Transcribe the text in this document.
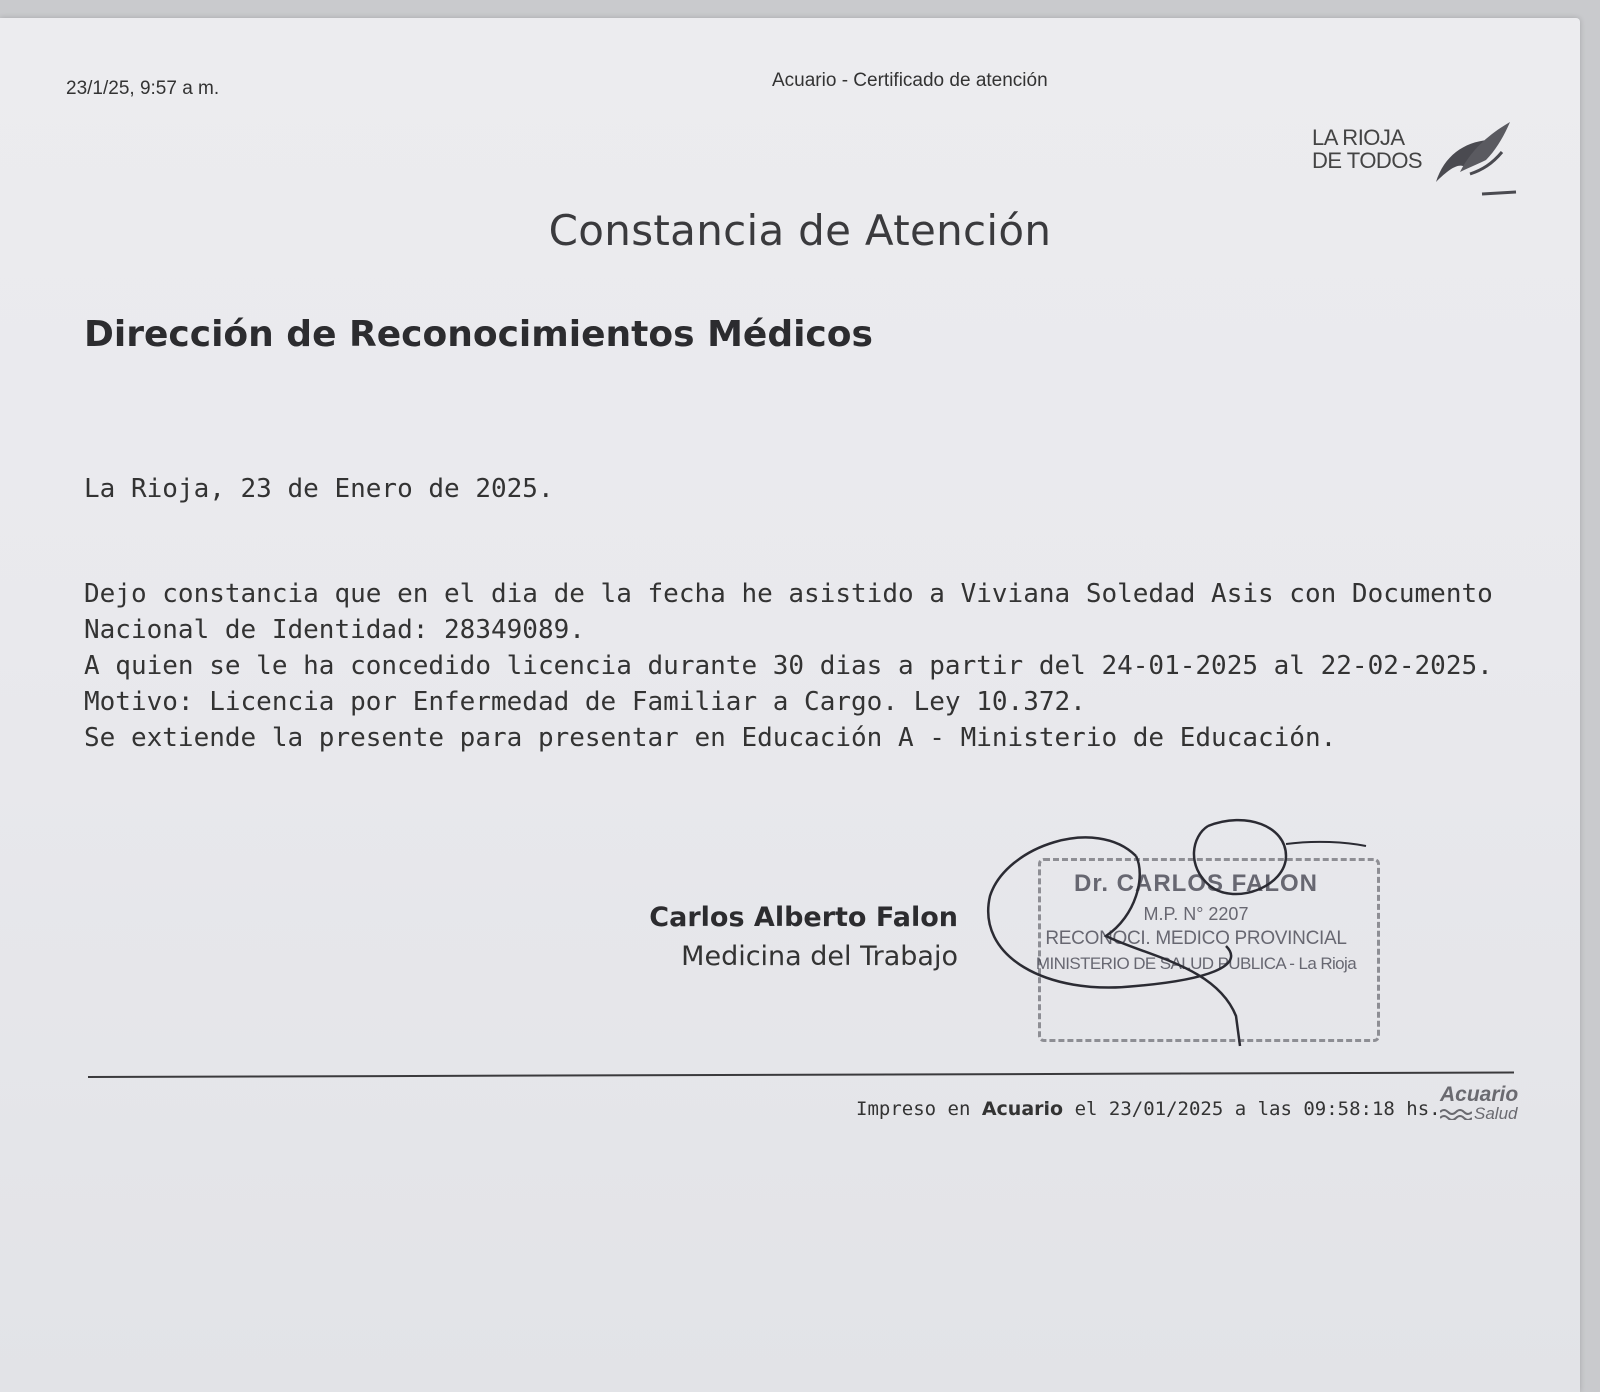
23/1/25, 9:57 a m.	Acuario - Certificado de atención
LA RIOJA
DE TODOS
Constancia de Atención
Dirección de Reconocimientos Médicos
La Rioja, 23 de Enero de 2025.
Dejo constancia que en el dia de la fecha he asistido a Viviana Soledad Asis con Documento
Nacional de Identidad: 28349089.
A quien se le ha concedido licencia durante 30 dias a partir del 24-01-2025 al 22-02-2025.
Motivo: Licencia por Enfermedad de Familiar a Cargo. Ley 10.372.
Se extiende la presente para presentar en Educación A - Ministerio de Educación.
Carlos Alberto Falon
Medicina del Trabajo
Dr. CARLOS FALON
M.P. N° 2207
RECONOCI. MEDICO PROVINCIAL
MINISTERIO DE SALUD PUBLICA - La Rioja
Impreso en Acuario el 23/01/2025 a las 09:58:18 hs.
Acuario
Salud
